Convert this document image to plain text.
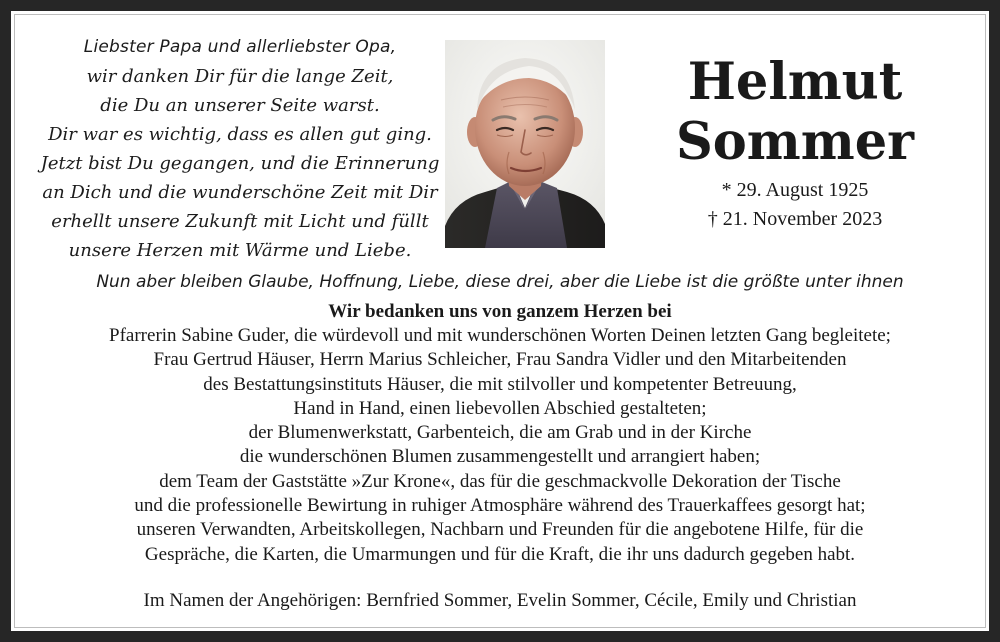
Liebster Papa und allerliebster Opa,
wir danken Dir für die lange Zeit,
die Du an unserer Seite warst.
Dir war es wichtig, dass es allen gut ging.
Jetzt bist Du gegangen, und die Erinnerung
an Dich und die wunderschöne Zeit mit Dir
erhellt unsere Zukunft mit Licht und füllt
unsere Herzen mit Wärme und Liebe.
Helmut
Sommer
* 29. August 1925
† 21. November 2023
Nun aber bleiben Glaube, Hoffnung, Liebe, diese drei, aber die Liebe ist die größte unter ihnen
Wir bedanken uns von ganzem Herzen bei
Pfarrerin Sabine Guder, die würdevoll und mit wunderschönen Worten Deinen letzten Gang begleitete;
Frau Gertrud Häuser, Herrn Marius Schleicher, Frau Sandra Vidler und den Mitarbeitenden
des Bestattungsinstituts Häuser, die mit stilvoller und kompetenter Betreuung,
Hand in Hand, einen liebevollen Abschied gestalteten;
der Blumenwerkstatt, Garbenteich, die am Grab und in der Kirche
die wunderschönen Blumen zusammengestellt und arrangiert haben;
dem Team der Gaststätte »Zur Krone«, das für die geschmackvolle Dekoration der Tische
und die professionelle Bewirtung in ruhiger Atmosphäre während des Trauerkaffees gesorgt hat;
unseren Verwandten, Arbeitskollegen, Nachbarn und Freunden für die angebotene Hilfe, für die
Gespräche, die Karten, die Umarmungen und für die Kraft, die ihr uns dadurch gegeben habt.
Im Namen der Angehörigen: Bernfried Sommer, Evelin Sommer, Cécile, Emily und Christian
